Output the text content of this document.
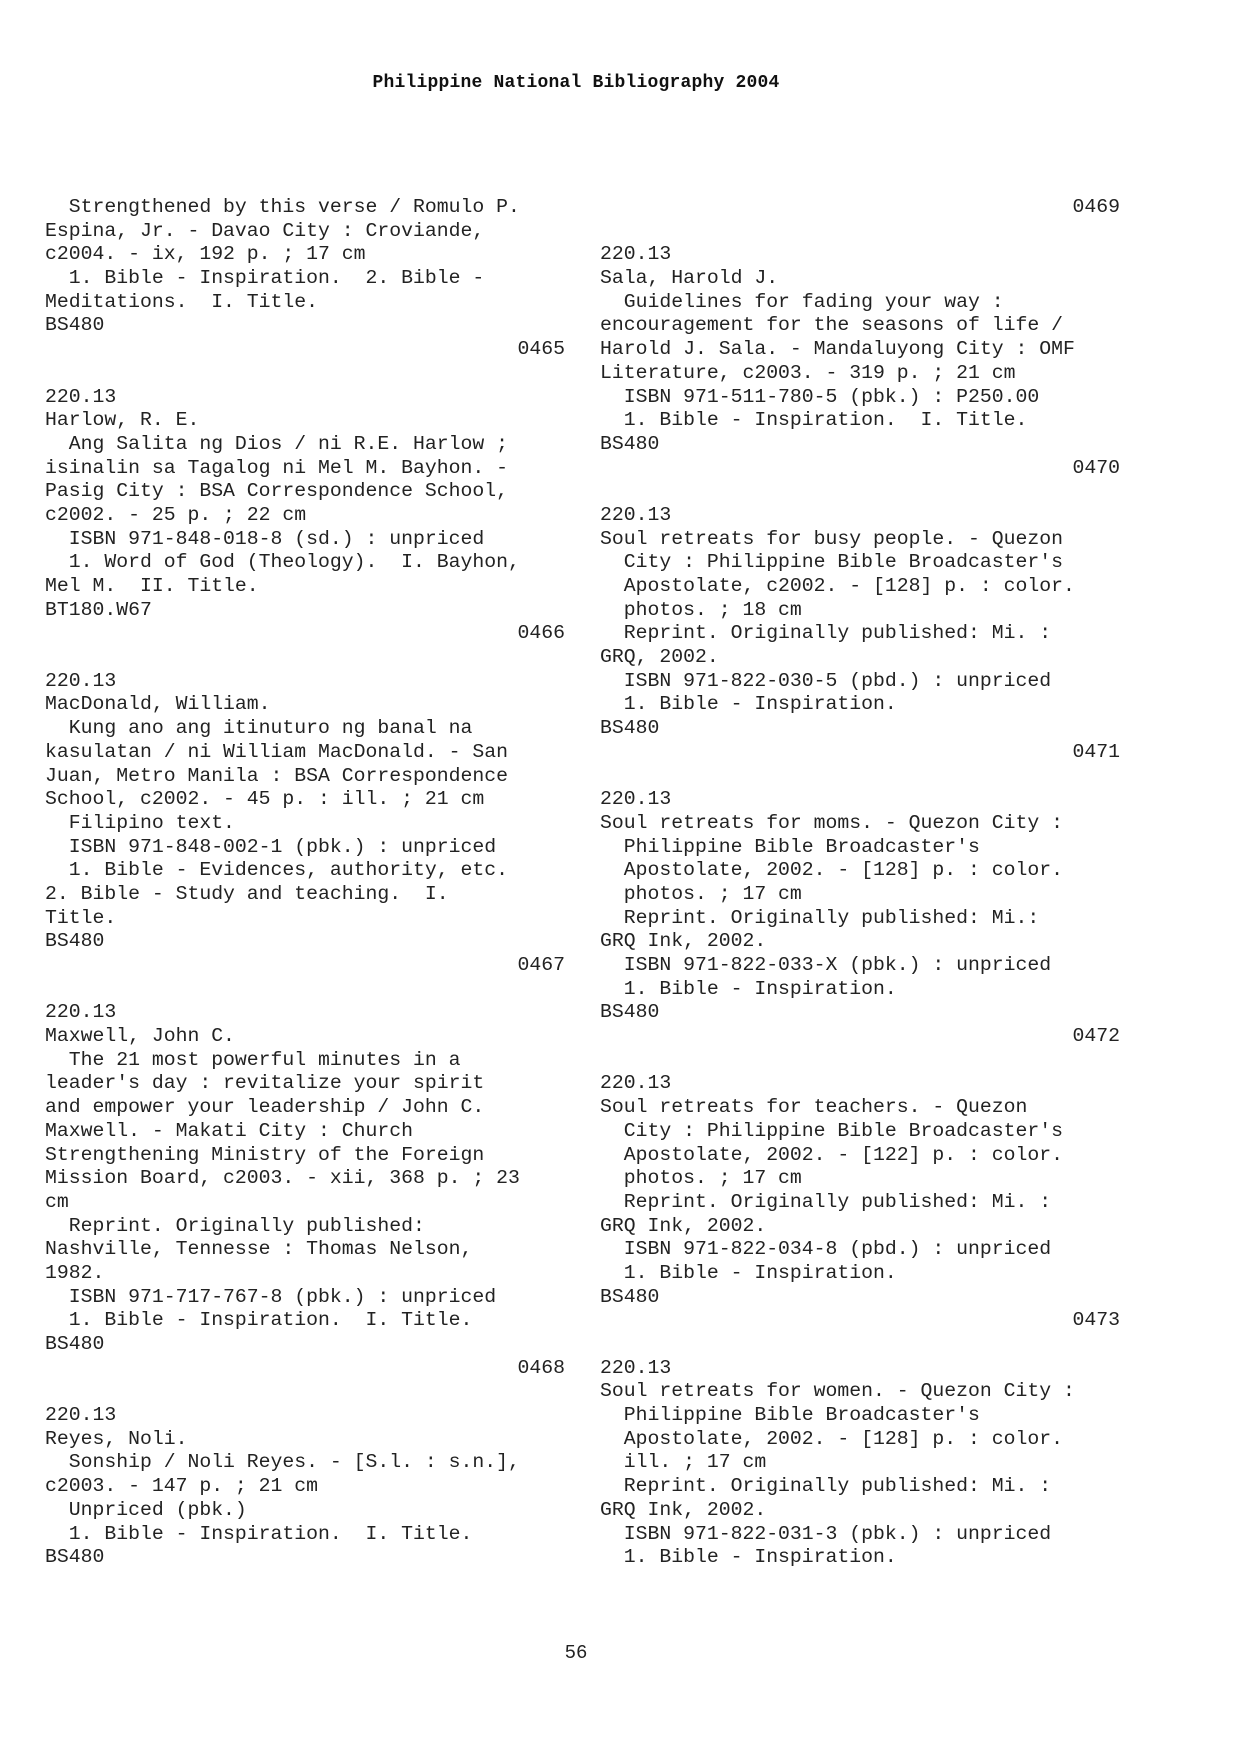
Philippine National Bibliography 2004
Strengthened by this verse / Romulo P.
Espina, Jr. - Davao City : Croviande,
c2004. - ix, 192 p. ; 17 cm
1. Bible - Inspiration.  2. Bible -
Meditations.  I. Title.
BS480
0465
220.13
Harlow, R. E.
Ang Salita ng Dios / ni R.E. Harlow ;
isinalin sa Tagalog ni Mel M. Bayhon. -
Pasig City : BSA Correspondence School,
c2002. - 25 p. ; 22 cm
ISBN 971-848-018-8 (sd.) : unpriced
1. Word of God (Theology).  I. Bayhon,
Mel M.  II. Title.
BT180.W67
0466
220.13
MacDonald, William.
Kung ano ang itinuturo ng banal na
kasulatan / ni William MacDonald. - San
Juan, Metro Manila : BSA Correspondence
School, c2002. - 45 p. : ill. ; 21 cm
Filipino text.
ISBN 971-848-002-1 (pbk.) : unpriced
1. Bible - Evidences, authority, etc.
2. Bible - Study and teaching.  I.
Title.
BS480
0467
220.13
Maxwell, John C.
The 21 most powerful minutes in a
leader's day : revitalize your spirit
and empower your leadership / John C.
Maxwell. - Makati City : Church
Strengthening Ministry of the Foreign
Mission Board, c2003. - xii, 368 p. ; 23
cm
Reprint. Originally published:
Nashville, Tennesse : Thomas Nelson,
1982.
ISBN 971-717-767-8 (pbk.) : unpriced
1. Bible - Inspiration.  I. Title.
BS480
0468
220.13
Reyes, Noli.
Sonship / Noli Reyes. - [S.l. : s.n.],
c2003. - 147 p. ; 21 cm
Unpriced (pbk.)
1. Bible - Inspiration.  I. Title.
BS480
0469
220.13
Sala, Harold J.
Guidelines for fading your way :
encouragement for the seasons of life /
Harold J. Sala. - Mandaluyong City : OMF
Literature, c2003. - 319 p. ; 21 cm
ISBN 971-511-780-5 (pbk.) : P250.00
1. Bible - Inspiration.  I. Title.
BS480
0470
220.13
Soul retreats for busy people. - Quezon
City : Philippine Bible Broadcaster's
Apostolate, c2002. - [128] p. : color.
photos. ; 18 cm
Reprint. Originally published: Mi. :
GRQ, 2002.
ISBN 971-822-030-5 (pbd.) : unpriced
1. Bible - Inspiration.
BS480
0471
220.13
Soul retreats for moms. - Quezon City :
Philippine Bible Broadcaster's
Apostolate, 2002. - [128] p. : color.
photos. ; 17 cm
Reprint. Originally published: Mi.:
GRQ Ink, 2002.
ISBN 971-822-033-X (pbk.) : unpriced
1. Bible - Inspiration.
BS480
0472
220.13
Soul retreats for teachers. - Quezon
City : Philippine Bible Broadcaster's
Apostolate, 2002. - [122] p. : color.
photos. ; 17 cm
Reprint. Originally published: Mi. :
GRQ Ink, 2002.
ISBN 971-822-034-8 (pbd.) : unpriced
1. Bible - Inspiration.
BS480
0473
220.13
Soul retreats for women. - Quezon City :
Philippine Bible Broadcaster's
Apostolate, 2002. - [128] p. : color.
ill. ; 17 cm
Reprint. Originally published: Mi. :
GRQ Ink, 2002.
ISBN 971-822-031-3 (pbk.) : unpriced
1. Bible - Inspiration.
56
